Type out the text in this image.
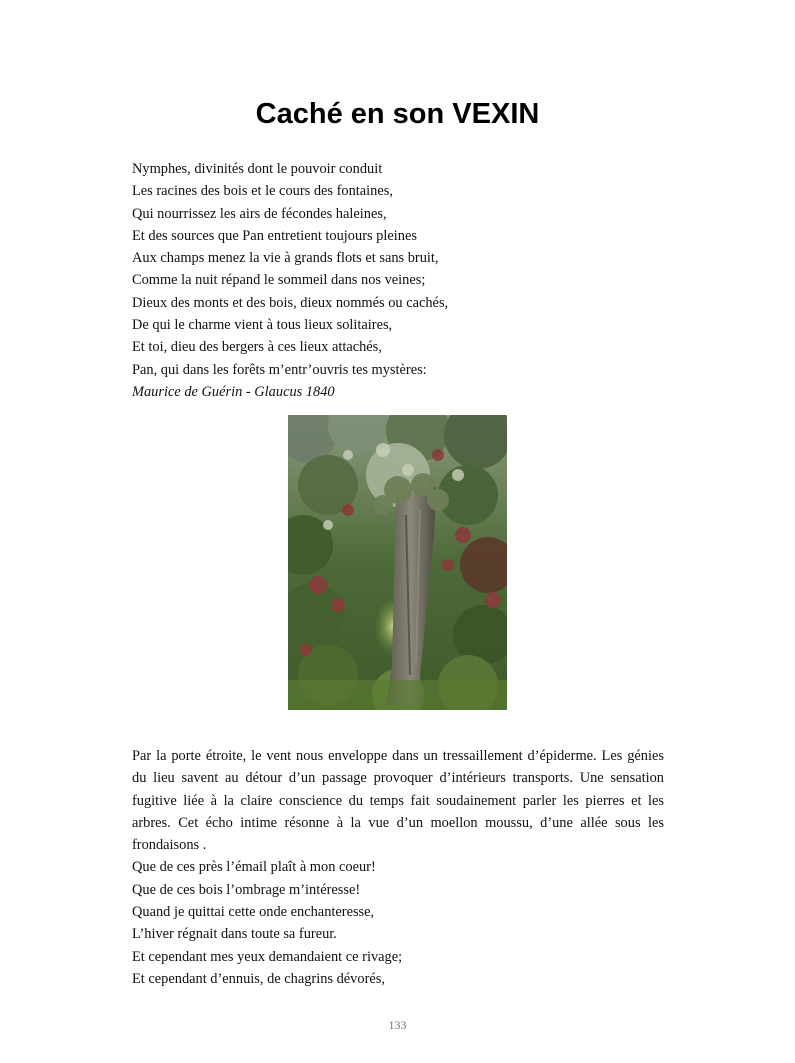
Caché en son VEXIN
Nymphes, divinités dont le pouvoir conduit
Les racines des bois et le cours des fontaines,
Qui nourrissez les airs de fécondes haleines,
Et des sources que Pan entretient toujours pleines
Aux champs menez la vie à grands flots et sans bruit,
Comme la nuit répand le sommeil dans nos veines;
Dieux des monts et des bois, dieux nommés ou cachés,
De qui le charme vient à tous lieux solitaires,
Et toi, dieu des bergers à ces lieux attachés,
Pan, qui dans les forêts m’entr’ouvris tes mystères:
Maurice de Guérin - Glaucus 1840

Par la porte étroite, le vent nous enveloppe dans un tressaillement d’épiderme. Les génies du lieu savent au détour d’un passage provoquer d’intérieurs transports. Une sensation fugitive liée à la claire conscience du temps fait soudainement parler les pierres et les arbres. Cet écho intime résonne à la vue d’un moellon moussu, d’une allée sous les frondaisons .

Que de ces près l’émail plaît à mon coeur!
Que de ces bois l’ombrage m’intéresse!
Quand je quittai cette onde enchanteresse,
L’hiver régnait dans toute sa fureur.
Et cependant mes yeux demandaient ce rivage;
Et cependant d’ennuis, de chagrins dévorés,
133
